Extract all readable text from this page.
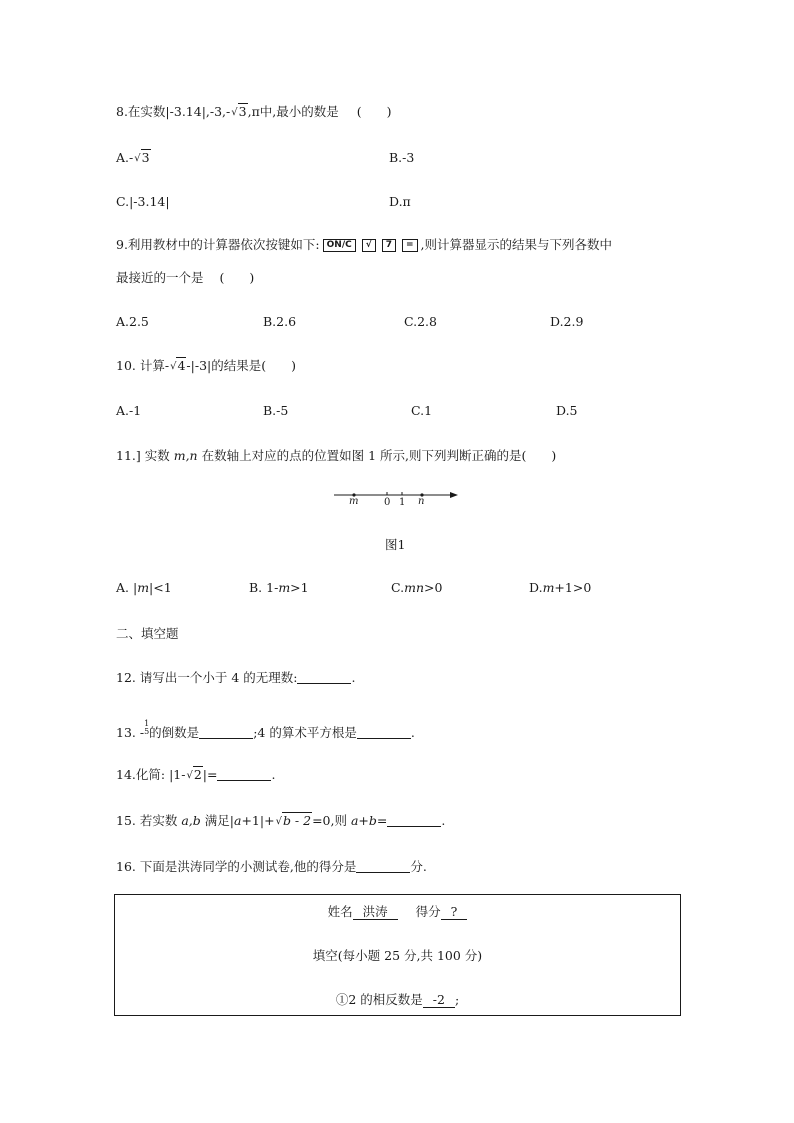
8.在实数|-3.14|,-3,-√3,π中,最小的数是 (　　)
A.-√3	B.-3
C.|-3.14|	D.π
9.利用教材中的计算器依次按键如下: ON/C √ 7 = ,则计算器显示的结果与下列各数中
最接近的一个是 (　　)
A.2.5	B.2.6	C.2.8	D.2.9
10. 计算-√4-|-3|的结果是(　　)
A.-1	B.-5	C.1	D.5
11.] 实数 m,n 在数轴上对应的点的位置如图 1 所示,则下列判断正确的是(　　)
m	0 1 n
图1
A. |m|<1	B. 1-m>1	C.mn>0	D.m+1>0
二、填空题
12. 请写出一个小于 4 的无理数:	.
13. -
1
5 的倒数是	;4 的算术平方根是	.
14.化简: |1-√2|=	.
15. 若实数 a,b 满足|a+1|+√b - 2=0,则 a+b=	.
16. 下面是洪涛同学的小测试卷,他的得分是	分.
姓名 洪涛 得分 ?
填空(每小题 25 分,共 100 分)
①2 的相反数是 -2 ;
